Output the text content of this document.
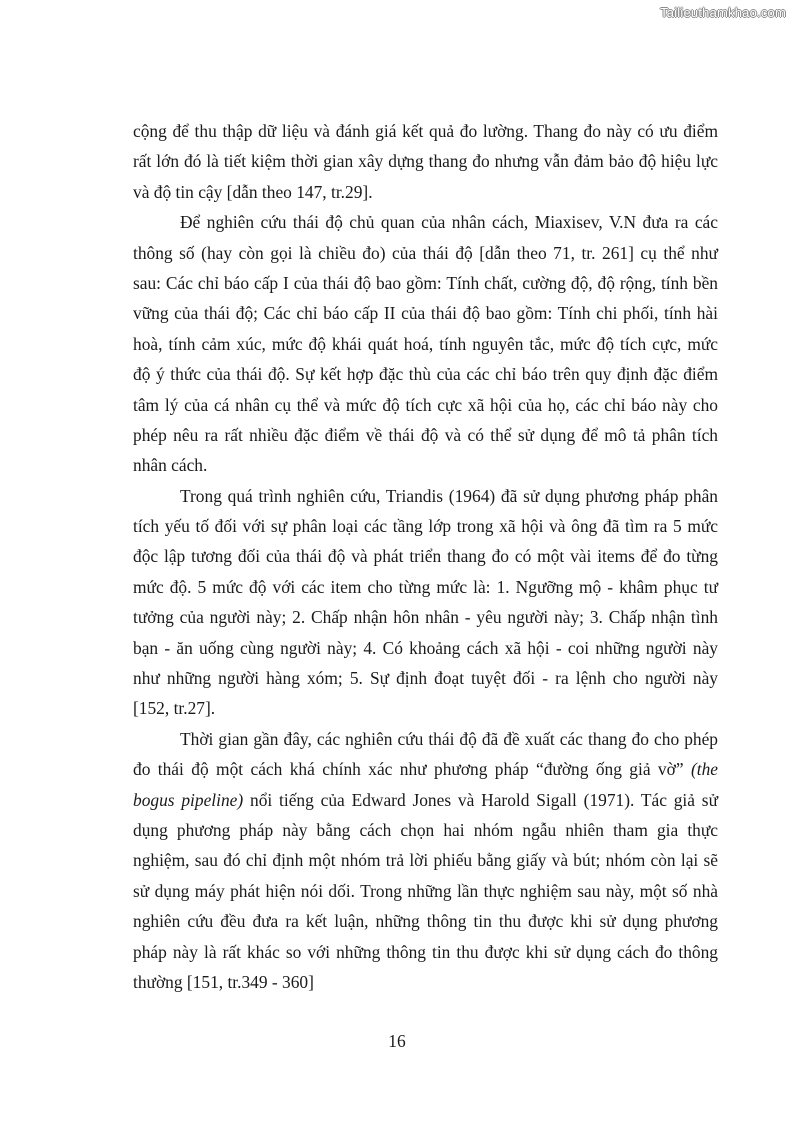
Tailieuthamkhao.com
cộng để thu thập dữ liệu và đánh giá kết quả đo lường. Thang đo này có ưu điểm
rất lớn đó là tiết kiệm thời gian xây dựng thang đo nhưng vẫn đảm bảo độ hiệu lực
và độ tin cậy [dẫn theo 147, tr.29].
Để nghiên cứu thái độ chủ quan của nhân cách, Miaxisev, V.N đưa ra các
thông số (hay còn gọi là chiều đo) của thái độ [dẫn theo 71, tr. 261] cụ thể như
sau: Các chỉ báo cấp I của thái độ bao gồm: Tính chất, cường độ, độ rộng, tính bền
vững của thái độ; Các chỉ báo cấp II của thái độ bao gồm: Tính chi phối, tính hài
hoà, tính cảm xúc, mức độ khái quát hoá, tính nguyên tắc, mức độ tích cực, mức
độ ý thức của thái độ. Sự kết hợp đặc thù của các chỉ báo trên quy định đặc điểm
tâm lý của cá nhân cụ thể và mức độ tích cực xã hội của họ, các chỉ báo này cho
phép nêu ra rất nhiều đặc điểm về thái độ và có thể sử dụng để mô tả phân tích
nhân cách.
Trong quá trình nghiên cứu, Triandis (1964) đã sử dụng phương pháp phân
tích yếu tố đối với sự phân loại các tầng lớp trong xã hội và ông đã tìm ra 5 mức
độc lập tương đối của thái độ và phát triển thang đo có một vài items để đo từng
mức độ. 5 mức độ với các item cho từng mức là: 1. Ngưỡng mộ - khâm phục tư
tưởng của người này; 2. Chấp nhận hôn nhân - yêu người này; 3. Chấp nhận tình
bạn - ăn uống cùng người này; 4. Có khoảng cách xã hội - coi những người này
như những người hàng xóm; 5. Sự định đoạt tuyệt đối - ra lệnh cho người này
[152, tr.27].
Thời gian gần đây, các nghiên cứu thái độ đã đề xuất các thang đo cho phép
đo thái độ một cách khá chính xác như phương pháp “đường ống giả vờ” (the
bogus pipeline) nổi tiếng của Edward Jones và Harold Sigall (1971). Tác giả sử
dụng phương pháp này bằng cách chọn hai nhóm ngẫu nhiên tham gia thực
nghiệm, sau đó chỉ định một nhóm trả lời phiếu bằng giấy và bút; nhóm còn lại sẽ
sử dụng máy phát hiện nói dối. Trong những lần thực nghiệm sau này, một số nhà
nghiên cứu đều đưa ra kết luận, những thông tin thu được khi sử dụng phương
pháp này là rất khác so với những thông tin thu được khi sử dụng cách đo thông
thường [151, tr.349 - 360]
16
